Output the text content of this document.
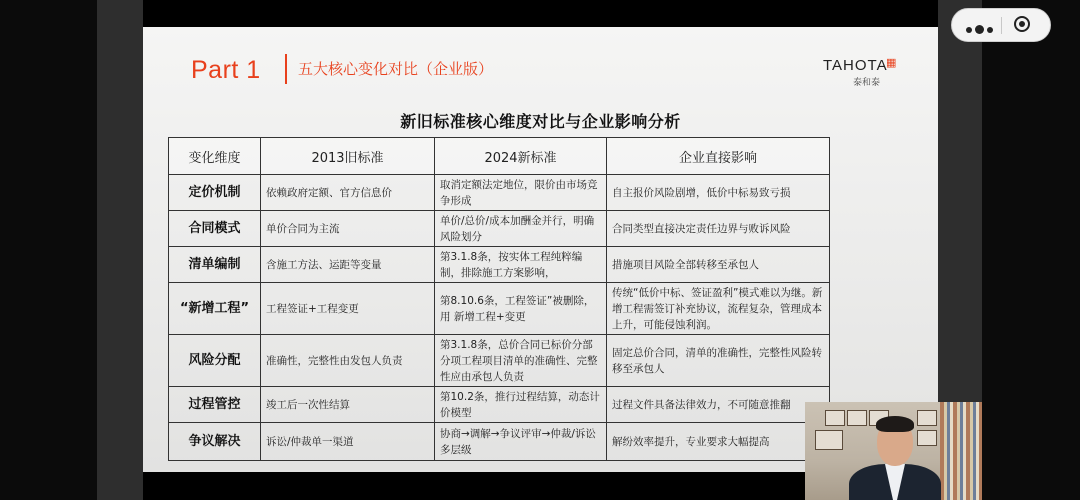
Part 1 五大核心变化对比（企业版）	TAHOTA
▦
泰和泰
新旧标准核心维度对比与企业影响分析
变化维度	2013旧标准	2024新标准	企业直接影响
定价机制	依赖政府定额、官方信息价	取消定额法定地位，限价由市场竞争形成	自主报价风险剧增，低价中标易致亏损
合同模式	单价合同为主流	单价/总价/成本加酬金并行，明确风险划分	合同类型直接决定责任边界与败诉风险
清单编制	含施工方法、运距等变量	第3.1.8条，按实体工程纯粹编制，排除施工方案影响，	措施项目风险全部转移至承包人
“新增工程”	工程签证+工程变更	第8.10.6条，工程签证”被删除，用 新增工程+变更	传统“低价中标、签证盈利”模式难以为继。新增工程需签订补充协议，流程复杂，管理成本上升，可能侵蚀利润。
风险分配	准确性，完整性由发包人负责	第3.1.8条，总价合同已标价分部分项工程项目清单的准确性、完整性应由承包人负责	固定总价合同，清单的准确性，完整性风险转移至承包人
过程管控	竣工后一次性结算	第10.2条，推行过程结算，动态计价模型	过程文件具备法律效力，不可随意推翻
争议解决	诉讼/仲裁单一渠道	协商→调解→争议评审→仲裁/诉讼多层级	解纷效率提升，专业要求大幅提高
